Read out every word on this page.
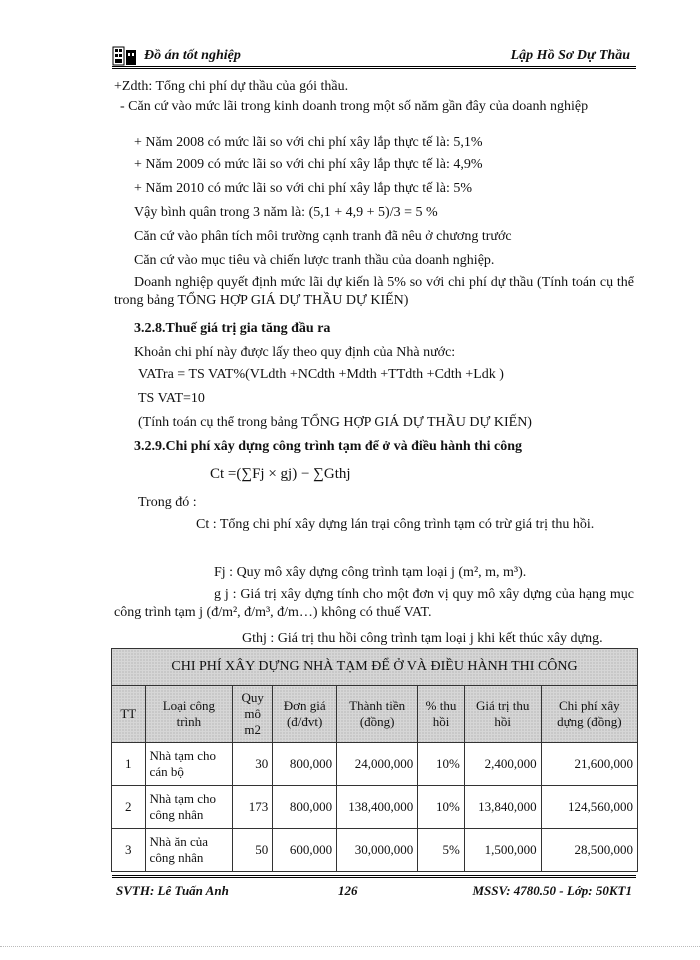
Đồ án tốt nghiệp	Lập Hồ Sơ Dự Thầu
+Zdth: Tổng chi phí dự thầu của gói thầu.
- Căn cứ vào mức lãi trong kinh doanh trong một số năm gần đây của doanh nghiệp
+ Năm 2008 có mức lãi so với chi phí xây lắp thực tế là: 5,1%
+ Năm 2009 có mức lãi so với chi phí xây lắp thực tế là: 4,9%
+ Năm 2010 có mức lãi so với chi phí xây lắp thực tế là: 5%
Vậy bình quân trong 3 năm là: (5,1 + 4,9 + 5)/3 = 5 %
Căn cứ vào phân tích môi trường cạnh tranh đã nêu ở chương trước
Căn cứ vào mục tiêu và chiến lược tranh thầu của doanh nghiệp.
Doanh nghiệp quyết định mức lãi dự kiến là 5% so với chi phí dự thầu (Tính toán cụ thể trong bảng TỔNG HỢP GIÁ DỰ THẦU DỰ KIẾN)
3.2.8.Thuế giá trị gia tăng đầu ra
Khoản chi phí này được lấy theo quy định của Nhà nước:
VATra = TS VAT%(VLdth +NCdth +Mdth +TTdth +Cdth +Ldk )
TS VAT=10
(Tính toán cụ thể trong bảng TỔNG HỢP GIÁ DỰ THẦU DỰ KIẾN)
3.2.9.Chi phí xây dựng công trình tạm để ở và điều hành thi công
Ct =(∑Fj × gj) − ∑Gthj
Trong đó :
Ct : Tổng chi phí xây dựng lán trại công trình tạm có trừ giá trị thu hồi.
Fj : Quy mô xây dựng công trình tạm loại j (m², m, m³).
g j : Giá trị xây dựng tính cho một đơn vị quy mô xây dựng của hạng mục công trình tạm j (đ/m², đ/m³, đ/m…) không có thuế VAT.
Gthj : Giá trị thu hồi công trình tạm loại j khi kết thúc xây dựng.
CHI PHÍ XÂY DỰNG NHÀ TẠM ĐỂ Ở VÀ ĐIỀU HÀNH THI CÔNG							
TT	Loại công trình	Quy mô m2	Đơn giá (đ/đvt)	Thành tiền (đồng)	% thu hồi	Giá trị thu hồi	Chi phí xây dựng (đồng)
1	Nhà tạm cho cán bộ	30	800,000	24,000,000	10%	2,400,000	21,600,000
2	Nhà tạm cho công nhân	173	800,000	138,400,000	10%	13,840,000	124,560,000
3	Nhà ăn của công nhân	50	600,000	30,000,000	5%	1,500,000	28,500,000
SVTH: Lê Tuấn Anh	126	MSSV: 4780.50 - Lớp: 50KT1
